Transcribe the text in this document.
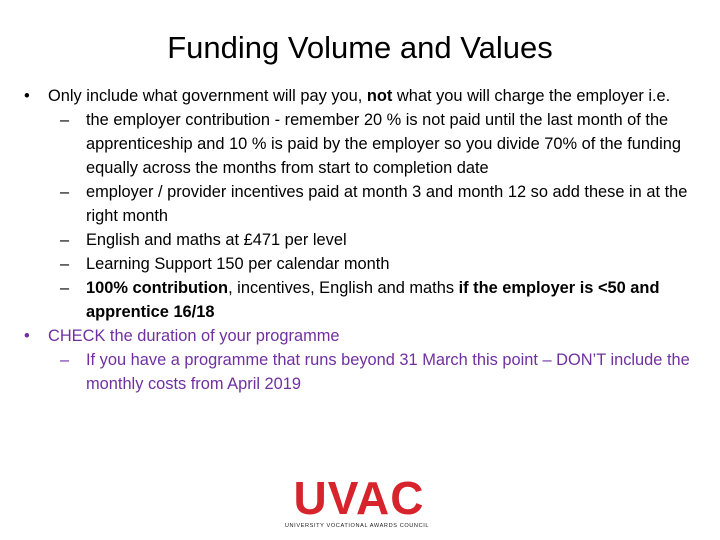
Funding Volume and Values
•	Only include what government will pay you, not what you will charge the employer i.e.
–	the employer contribution - remember 20 % is not paid until the last month of the apprenticeship and 10 % is paid by the employer so you divide 70% of the funding equally across the months from start to completion date
–	employer / provider incentives paid at month 3 and month 12 so add these in at the right month
–	English and maths at £471 per level
–	Learning Support 150 per calendar month
–	100% contribution, incentives, English and maths if the employer is <50 and apprentice 16/18
•	CHECK the duration of your programme
–	If you have a programme that runs beyond 31 March this point – DON’T include the monthly costs from April 2019
UVAC
UNIVERSITY VOCATIONAL AWARDS COUNCIL
